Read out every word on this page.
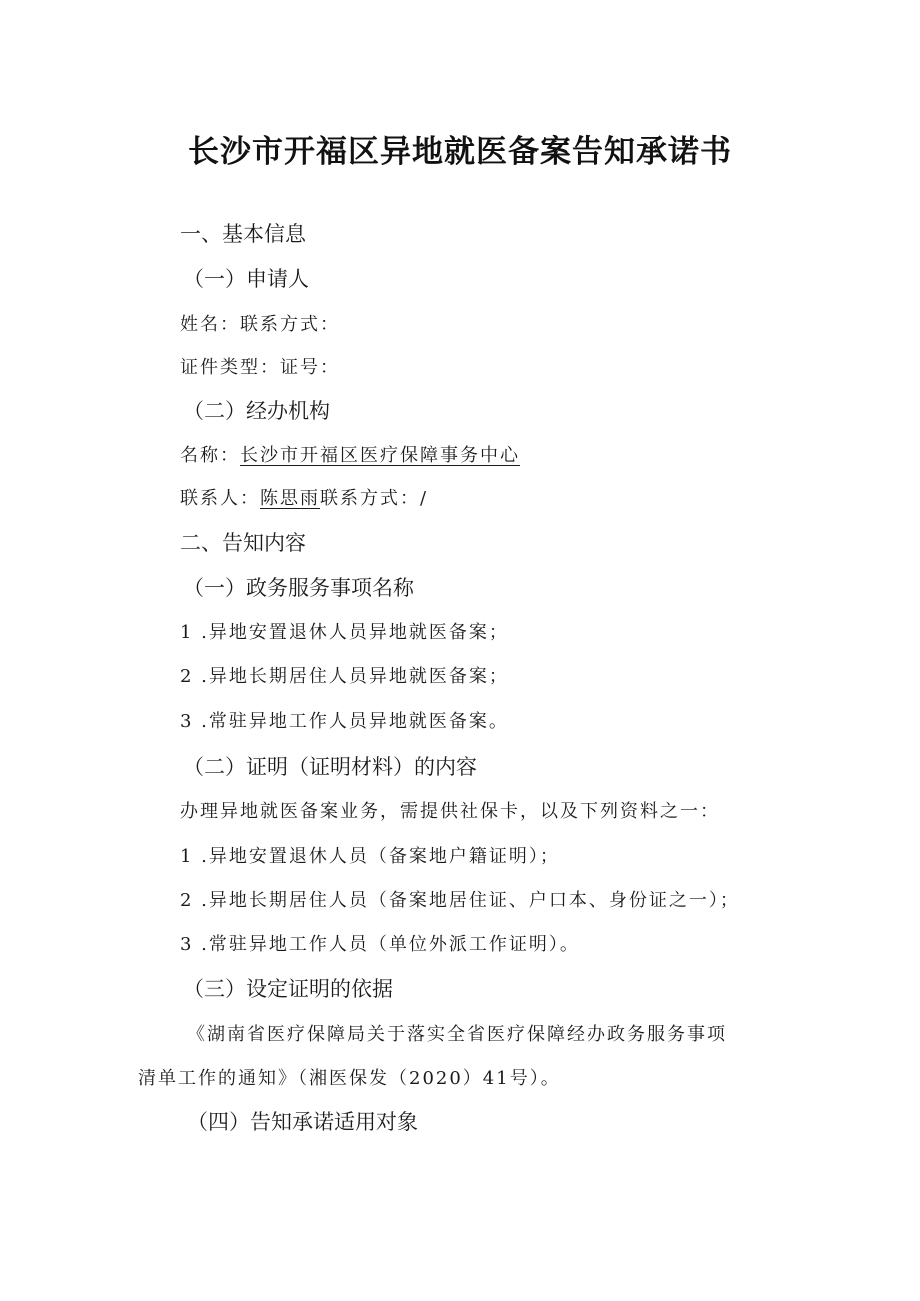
长沙市开福区异地就医备案告知承诺书
一、基本信息
（一）申请人
姓名：联系方式：
证件类型：证号：
（二）经办机构
名称：长沙市开福区医疗保障事务中心
联系人：陈思雨联系方式：/
二、告知内容
（一）政务服务事项名称
1 .异地安置退休人员异地就医备案；
2 .异地长期居住人员异地就医备案；
3 .常驻异地工作人员异地就医备案。
（二）证明（证明材料）的内容
办理异地就医备案业务，需提供社保卡，以及下列资料之一：
1 .异地安置退休人员（备案地户籍证明）；
2 .异地长期居住人员（备案地居住证、户口本、身份证之一）；
3 .常驻异地工作人员（单位外派工作证明）。
（三）设定证明的依据
《湖南省医疗保障局关于落实全省医疗保障经办政务服务事项
清单工作的通知》（湘医保发（2020）41号）。
（四）告知承诺适用对象
